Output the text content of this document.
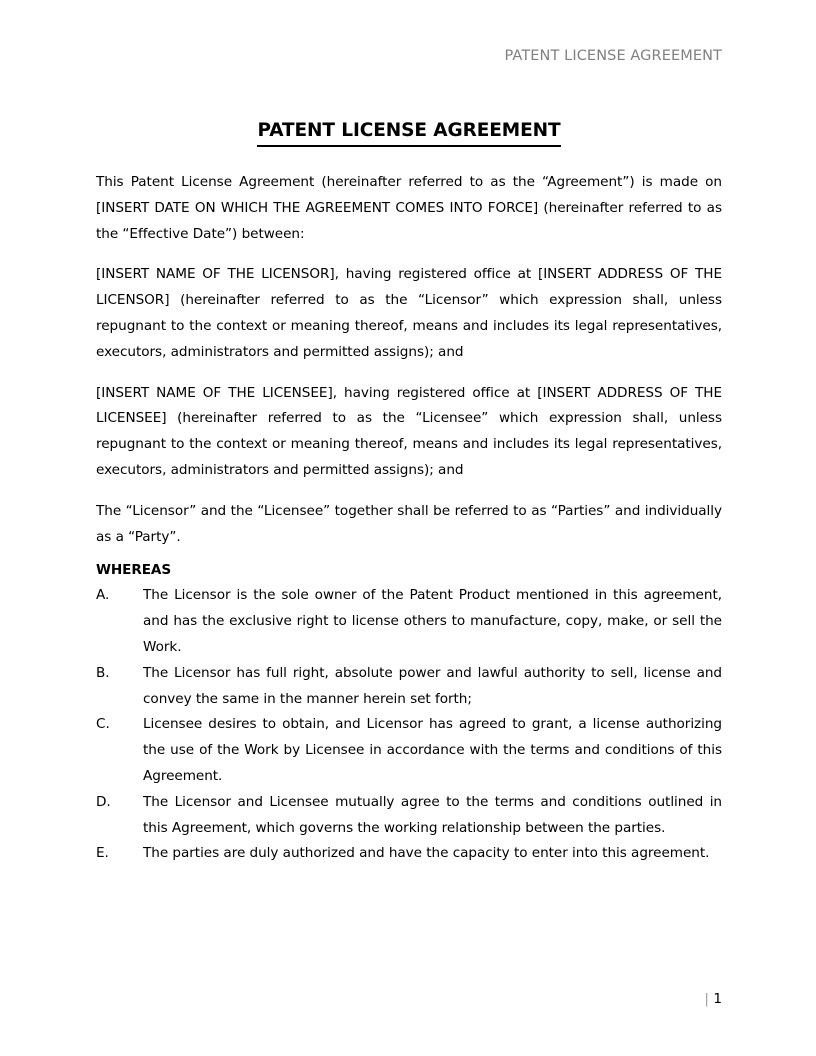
PATENT LICENSE AGREEMENT
PATENT LICENSE AGREEMENT

This Patent License Agreement (hereinafter referred to as the “Agreement”) is made on [INSERT DATE ON WHICH THE AGREEMENT COMES INTO FORCE] (hereinafter referred to as the “Effective Date”) between:

[INSERT NAME OF THE LICENSOR], having registered office at [INSERT ADDRESS OF THE LICENSOR] (hereinafter referred to as the “Licensor” which expression shall, unless repugnant to the context or meaning thereof, means and includes its legal representatives, executors, administrators and permitted assigns); and

[INSERT NAME OF THE LICENSEE], having registered office at [INSERT ADDRESS OF THE LICENSEE] (hereinafter referred to as the “Licensee” which expression shall, unless repugnant to the context or meaning thereof, means and includes its legal representatives, executors, administrators and permitted assigns); and

The “Licensor” and the “Licensee” together shall be referred to as “Parties” and individually as a “Party”.

WHEREAS
A.	The Licensor is the sole owner of the Patent Product mentioned in this agreement, and has the exclusive right to license others to manufacture, copy, make, or sell the Work.
B.	The Licensor has full right, absolute power and lawful authority to sell, license and convey the same in the manner herein set forth;
C.	Licensee desires to obtain, and Licensor has agreed to grant, a license authorizing the use of the Work by Licensee in accordance with the terms and conditions of this Agreement.
D.	The Licensor and Licensee mutually agree to the terms and conditions outlined in this Agreement, which governs the working relationship between the parties.
E.	The parties are duly authorized and have the capacity to enter into this agreement.
| 1
